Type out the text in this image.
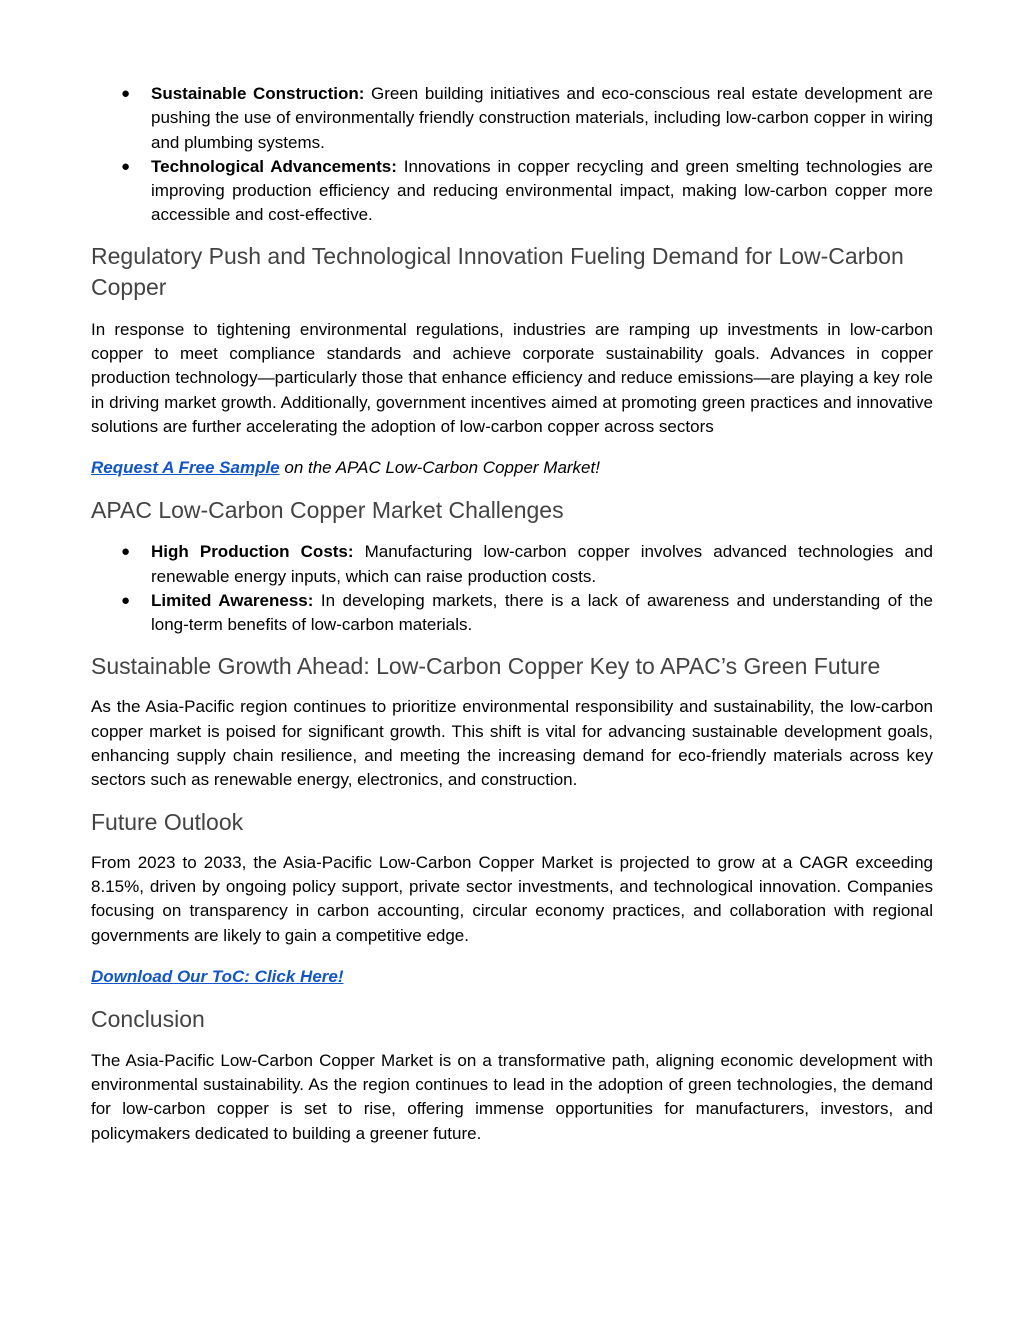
● Sustainable Construction: Green building initiatives and eco-conscious real estate development are pushing the use of environmentally friendly construction materials, including low-carbon copper in wiring and plumbing systems.
● Technological Advancements: Innovations in copper recycling and green smelting technologies are improving production efficiency and reducing environmental impact, making low-carbon copper more accessible and cost-effective.
Regulatory Push and Technological Innovation Fueling Demand for Low-Carbon Copper

In response to tightening environmental regulations, industries are ramping up investments in low-carbon copper to meet compliance standards and achieve corporate sustainability goals. Advances in copper production technology—particularly those that enhance efficiency and reduce emissions—are playing a key role in driving market growth. Additionally, government incentives aimed at promoting green practices and innovative solutions are further accelerating the adoption of low-carbon copper across sectors

Request A Free Sample on the APAC Low-Carbon Copper Market!

APAC Low-Carbon Copper Market Challenges
● High Production Costs: Manufacturing low-carbon copper involves advanced technologies and renewable energy inputs, which can raise production costs.
● Limited Awareness: In developing markets, there is a lack of awareness and understanding of the long-term benefits of low-carbon materials.
Sustainable Growth Ahead: Low-Carbon Copper Key to APAC’s Green Future

As the Asia-Pacific region continues to prioritize environmental responsibility and sustainability, the low-carbon copper market is poised for significant growth. This shift is vital for advancing sustainable development goals, enhancing supply chain resilience, and meeting the increasing demand for eco-friendly materials across key sectors such as renewable energy, electronics, and construction.

Future Outlook

From 2023 to 2033, the Asia-Pacific Low-Carbon Copper Market is projected to grow at a CAGR exceeding 8.15%, driven by ongoing policy support, private sector investments, and technological innovation. Companies focusing on transparency in carbon accounting, circular economy practices, and collaboration with regional governments are likely to gain a competitive edge.

Download Our ToC: Click Here!

Conclusion

The Asia-Pacific Low-Carbon Copper Market is on a transformative path, aligning economic development with environmental sustainability. As the region continues to lead in the adoption of green technologies, the demand for low-carbon copper is set to rise, offering immense opportunities for manufacturers, investors, and policymakers dedicated to building a greener future.
